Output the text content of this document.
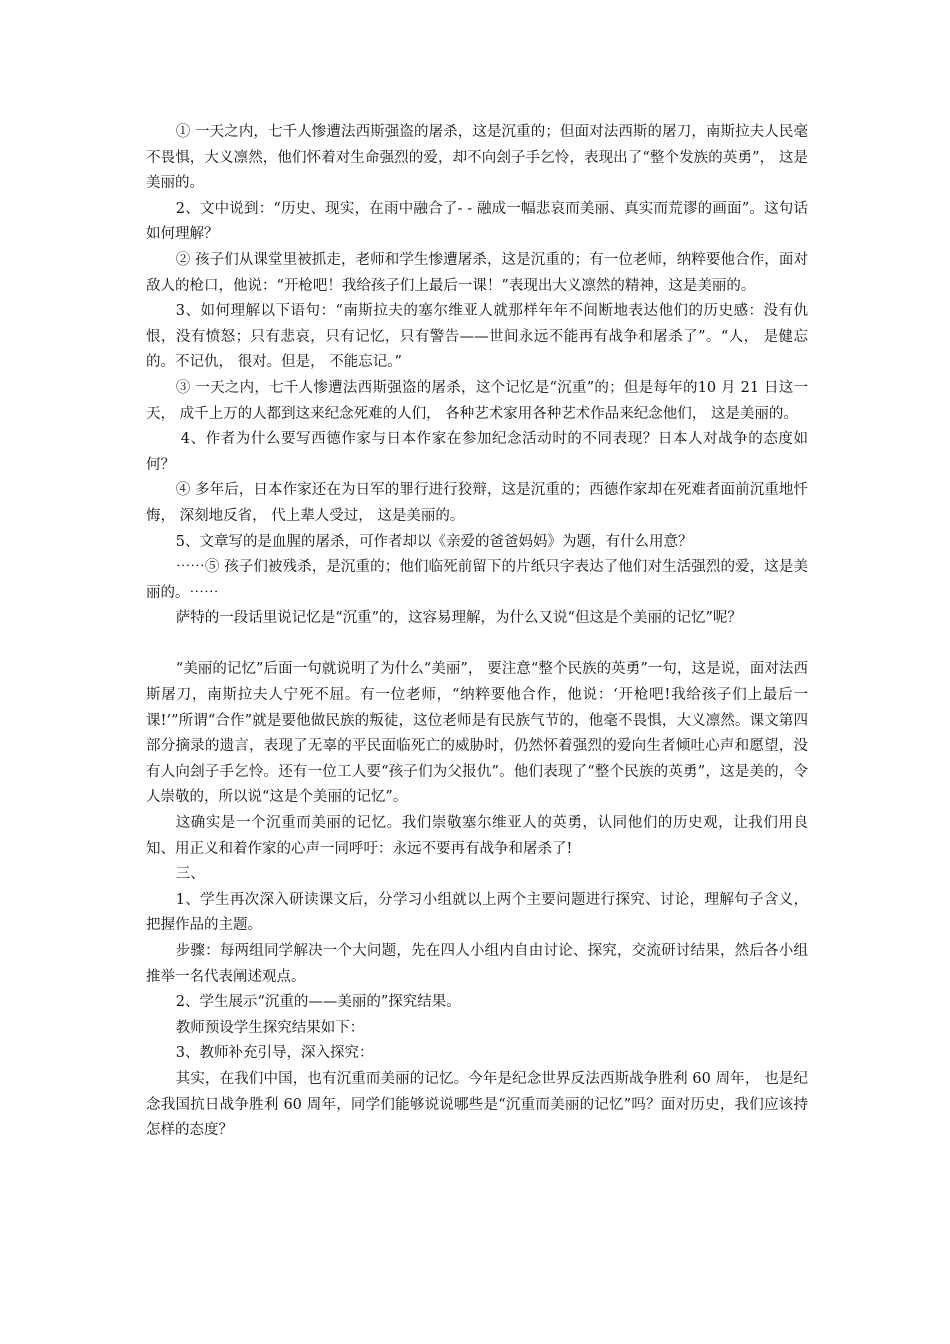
① 一天之内，七千人惨遭法西斯强盗的屠杀，这是沉重的；但面对法西斯的屠刀，南斯拉夫人民毫不畏惧，大义凛然，他们怀着对生命强烈的爱，却不向刽子手乞怜，表现出了“整个发族的英勇”， 这是美丽的。

2、文中说到：“历史、现实，在雨中融合了- - 融成一幅悲哀而美丽、真实而荒谬的画面”。这句话如何理解？

② 孩子们从课堂里被抓走，老师和学生惨遭屠杀，这是沉重的；有一位老师，纳粹要他合作，面对敌人的枪口，他说：“开枪吧！我给孩子们上最后一课！”表现出大义凛然的精神，这是美丽的。

3、如何理解以下语句：“南斯拉夫的塞尔维亚人就那样年年不间断地表达他们的历史感：没有仇恨，没有愤怒；只有悲哀，只有记忆，只有警告——世间永远不能再有战争和屠杀了”。“人， 是健忘的。不记仇， 很对。但是， 不能忘记。”

③ 一天之内，七千人惨遭法西斯强盗的屠杀，这个记忆是“沉重”的；但是每年的10 月 21 日这一天， 成千上万的人都到这来纪念死难的人们， 各种艺术家用各种艺术作品来纪念他们， 这是美丽的。

4、作者为什么要写西德作家与日本作家在参加纪念活动时的不同表现？日本人对战争的态度如何？

④ 多年后，日本作家还在为日军的罪行进行狡辩，这是沉重的；西德作家却在死难者面前沉重地忏悔， 深刻地反省， 代上辈人受过， 这是美丽的。

5、文章写的是血腥的屠杀，可作者却以《亲爱的爸爸妈妈》为题，有什么用意？

⋯⋯⑤ 孩子们被残杀，是沉重的；他们临死前留下的片纸只字表达了他们对生活强烈的爱，这是美丽的。⋯⋯

萨特的一段话里说记忆是“沉重”的，这容易理解，为什么又说“但这是个美丽的记忆”呢？

“美丽的记忆”后面一句就说明了为什么“美丽”， 要注意“整个民族的英勇”一句，这是说，面对法西斯屠刀，南斯拉夫人宁死不屈。有一位老师，“纳粹要他合作，他说：‘开枪吧!我给孩子们上最后一课!’”所谓“合作”就是要他做民族的叛徒，这位老师是有民族气节的，他毫不畏惧，大义凛然。课文第四部分摘录的遗言，表现了无辜的平民面临死亡的威胁时，仍然怀着强烈的爱向生者倾吐心声和愿望，没有人向刽子手乞怜。还有一位工人要“孩子们为父报仇”。他们表现了“整个民族的英勇”，这是美的，令人崇敬的，所以说“这是个美丽的记忆”。

这确实是一个沉重而美丽的记忆。我们崇敬塞尔维亚人的英勇，认同他们的历史观，让我们用良知、用正义和着作家的心声一同呼吁：永远不要再有战争和屠杀了!

三、

1、学生再次深入研读课文后，分学习小组就以上两个主要问题进行探究、讨论，理解句子含义，把握作品的主题。

步骤：每两组同学解决一个大问题，先在四人小组内自由讨论、探究，交流研讨结果，然后各小组推举一名代表阐述观点。

2、学生展示“沉重的——美丽的”探究结果。

教师预设学生探究结果如下：

3、教师补充引导，深入探究：

其实，在我们中国，也有沉重而美丽的记忆。今年是纪念世界反法西斯战争胜利 60 周年， 也是纪念我国抗日战争胜利 60 周年，同学们能够说说哪些是“沉重而美丽的记忆”吗？面对历史，我们应该持怎样的态度？
